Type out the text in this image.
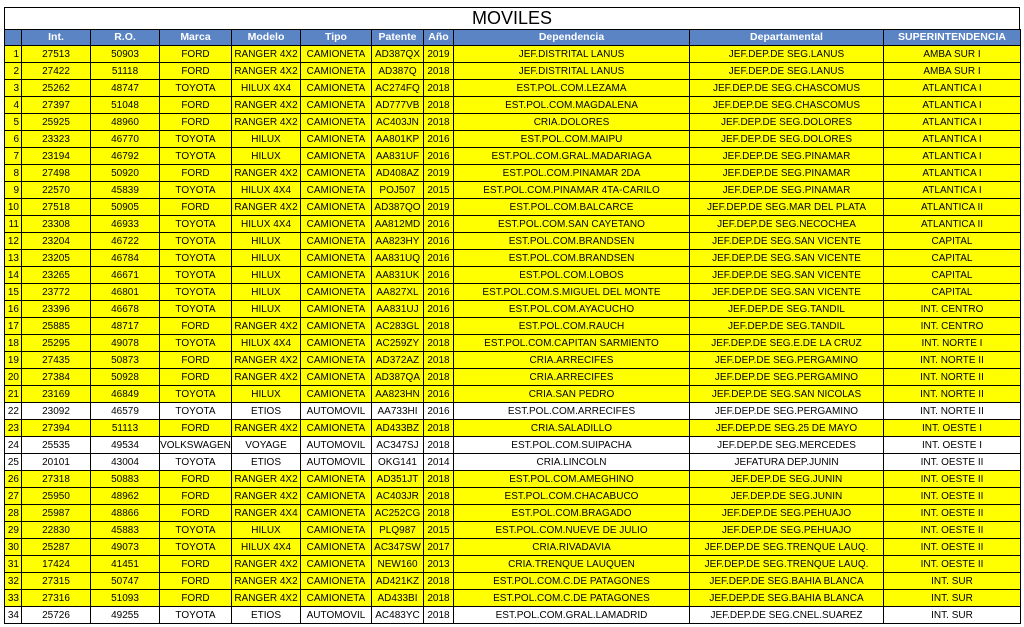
MOVILES
	Int.	R.O.	Marca	Modelo	Tipo	Patente	Año	Dependencia	Departamental	SUPERINTENDENCIA
1	27513	50903	FORD	RANGER 4X2	CAMIONETA	AD387QX	2019	JEF.DISTRITAL LANUS	JEF.DEP.DE SEG.LANUS	AMBA SUR I
2	27422	51118	FORD	RANGER 4X2	CAMIONETA	AD387Q	2018	JEF.DISTRITAL LANUS	JEF.DEP.DE SEG.LANUS	AMBA SUR I
3	25262	48747	TOYOTA	HILUX 4X4	CAMIONETA	AC274FQ	2018	EST.POL.COM.LEZAMA	JEF.DEP.DE SEG.CHASCOMUS	ATLANTICA I
4	27397	51048	FORD	RANGER 4X2	CAMIONETA	AD777VB	2018	EST.POL.COM.MAGDALENA	JEF.DEP.DE SEG.CHASCOMUS	ATLANTICA I
5	25925	48960	FORD	RANGER 4X2	CAMIONETA	AC403JN	2018	CRIA.DOLORES	JEF.DEP.DE SEG.DOLORES	ATLANTICA I
6	23323	46770	TOYOTA	HILUX	CAMIONETA	AA801KP	2016	EST.POL.COM.MAIPU	JEF.DEP.DE SEG.DOLORES	ATLANTICA I
7	23194	46792	TOYOTA	HILUX	CAMIONETA	AA831UF	2016	EST.POL.COM.GRAL.MADARIAGA	JEF.DEP.DE SEG.PINAMAR	ATLANTICA I
8	27498	50920	FORD	RANGER 4X2	CAMIONETA	AD408AZ	2019	EST.POL.COM.PINAMAR 2DA	JEF.DEP.DE SEG.PINAMAR	ATLANTICA I
9	22570	45839	TOYOTA	HILUX 4X4	CAMIONETA	POJ507	2015	EST.POL.COM.PINAMAR 4TA-CARILO	JEF.DEP.DE SEG.PINAMAR	ATLANTICA I
10	27518	50905	FORD	RANGER 4X2	CAMIONETA	AD387QO	2019	EST.POL.COM.BALCARCE	JEF.DEP.DE SEG.MAR DEL PLATA	ATLANTICA II
11	23308	46933	TOYOTA	HILUX 4X4	CAMIONETA	AA812MD	2016	EST.POL.COM.SAN CAYETANO	JEF.DEP.DE SEG.NECOCHEA	ATLANTICA II
12	23204	46722	TOYOTA	HILUX	CAMIONETA	AA823HY	2016	EST.POL.COM.BRANDSEN	JEF.DEP.DE SEG.SAN VICENTE	CAPITAL
13	23205	46784	TOYOTA	HILUX	CAMIONETA	AA831UQ	2016	EST.POL.COM.BRANDSEN	JEF.DEP.DE SEG.SAN VICENTE	CAPITAL
14	23265	46671	TOYOTA	HILUX	CAMIONETA	AA831UK	2016	EST.POL.COM.LOBOS	JEF.DEP.DE SEG.SAN VICENTE	CAPITAL
15	23772	46801	TOYOTA	HILUX	CAMIONETA	AA827XL	2016	EST.POL.COM.S.MIGUEL DEL MONTE	JEF.DEP.DE SEG.SAN VICENTE	CAPITAL
16	23396	46678	TOYOTA	HILUX	CAMIONETA	AA831UJ	2016	EST.POL.COM.AYACUCHO	JEF.DEP.DE SEG.TANDIL	INT. CENTRO
17	25885	48717	FORD	RANGER 4X2	CAMIONETA	AC283GL	2018	EST.POL.COM.RAUCH	JEF.DEP.DE SEG.TANDIL	INT. CENTRO
18	25295	49078	TOYOTA	HILUX 4X4	CAMIONETA	AC259ZY	2018	EST.POL.COM.CAPITAN SARMIENTO	JEF.DEP.DE SEG.E.DE LA CRUZ	INT. NORTE I
19	27435	50873	FORD	RANGER 4X2	CAMIONETA	AD372AZ	2018	CRIA.ARRECIFES	JEF.DEP.DE SEG.PERGAMINO	INT. NORTE II
20	27384	50928	FORD	RANGER 4X2	CAMIONETA	AD387QA	2018	CRIA.ARRECIFES	JEF.DEP.DE SEG.PERGAMINO	INT. NORTE II
21	23169	46849	TOYOTA	HILUX	CAMIONETA	AA823HN	2016	CRIA.SAN PEDRO	JEF.DEP.DE SEG.SAN NICOLAS	INT. NORTE II
22	23092	46579	TOYOTA	ETIOS	AUTOMOVIL	AA733HI	2016	EST.POL.COM.ARRECIFES	JEF.DEP.DE SEG.PERGAMINO	INT. NORTE II
23	27394	51113	FORD	RANGER 4X2	CAMIONETA	AD433BZ	2018	CRIA.SALADILLO	JEF.DEP.DE SEG.25 DE MAYO	INT. OESTE I
24	25535	49534	VOLKSWAGEN	VOYAGE	AUTOMOVIL	AC347SJ	2018	EST.POL.COM.SUIPACHA	JEF.DEP.DE SEG.MERCEDES	INT. OESTE I
25	20101	43004	TOYOTA	ETIOS	AUTOMOVIL	OKG141	2014	CRIA.LINCOLN	JEFATURA DEP.JUNIN	INT. OESTE II
26	27318	50883	FORD	RANGER 4X2	CAMIONETA	AD351JT	2018	EST.POL.COM.AMEGHINO	JEF.DEP.DE SEG.JUNIN	INT. OESTE II
27	25950	48962	FORD	RANGER 4X2	CAMIONETA	AC403JR	2018	EST.POL.COM.CHACABUCO	JEF.DEP.DE SEG.JUNIN	INT. OESTE II
28	25987	48866	FORD	RANGER 4X4	CAMIONETA	AC252CG	2018	EST.POL.COM.BRAGADO	JEF.DEP.DE SEG.PEHUAJO	INT. OESTE II
29	22830	45883	TOYOTA	HILUX	CAMIONETA	PLQ987	2015	EST.POL.COM.NUEVE DE JULIO	JEF.DEP.DE SEG.PEHUAJO	INT. OESTE II
30	25287	49073	TOYOTA	HILUX 4X4	CAMIONETA	AC347SW	2017	CRIA.RIVADAVIA	JEF.DEP.DE SEG.TRENQUE LAUQ.	INT. OESTE II
31	17424	41451	FORD	RANGER 4X2	CAMIONETA	NEW160	2013	CRIA.TRENQUE LAUQUEN	JEF.DEP.DE SEG.TRENQUE LAUQ.	INT. OESTE II
32	27315	50747	FORD	RANGER 4X2	CAMIONETA	AD421KZ	2018	EST.POL.COM.C.DE PATAGONES	JEF.DEP.DE SEG.BAHIA BLANCA	INT. SUR
33	27316	51093	FORD	RANGER 4X2	CAMIONETA	AD433BI	2018	EST.POL.COM.C.DE PATAGONES	JEF.DEP.DE SEG.BAHIA BLANCA	INT. SUR
34	25726	49255	TOYOTA	ETIOS	AUTOMOVIL	AC483YC	2018	EST.POL.COM.GRAL.LAMADRID	JEF.DEP.DE SEG.CNEL.SUAREZ	INT. SUR
